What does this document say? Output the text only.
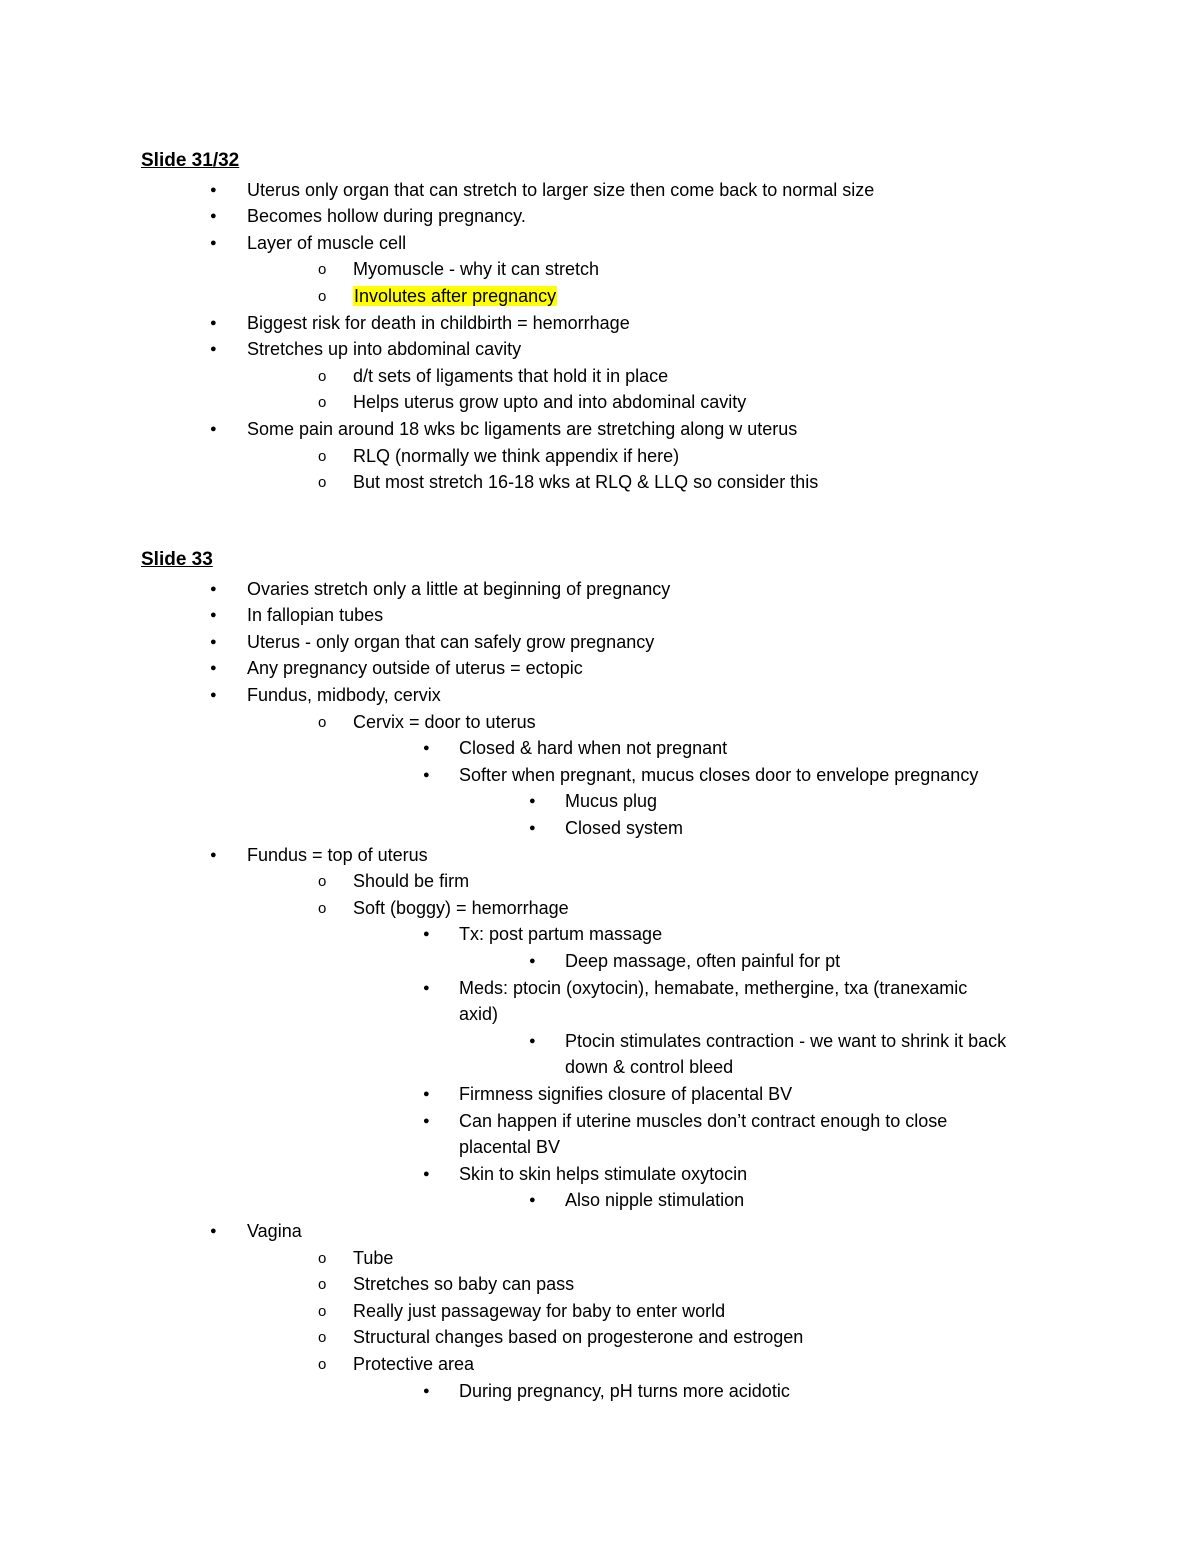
Slide 31/32
● Uterus only organ that can stretch to larger size then come back to normal size
● Becomes hollow during pregnancy.
● Layer of muscle cell
o Myomuscle - why it can stretch
o Involutes after pregnancy
● Biggest risk for death in childbirth = hemorrhage
● Stretches up into abdominal cavity
o d/t sets of ligaments that hold it in place
o Helps uterus grow upto and into abdominal cavity
● Some pain around 18 wks bc ligaments are stretching along w uterus
o RLQ (normally we think appendix if here)
o But most stretch 16-18 wks at RLQ & LLQ so consider this
Slide 33
● Ovaries stretch only a little at beginning of pregnancy
● In fallopian tubes
● Uterus - only organ that can safely grow pregnancy
● Any pregnancy outside of uterus = ectopic
● Fundus, midbody, cervix
o Cervix = door to uterus
● Closed & hard when not pregnant
● Softer when pregnant, mucus closes door to envelope pregnancy
● Mucus plug
● Closed system
● Fundus = top of uterus
o Should be firm
o Soft (boggy) = hemorrhage
● Tx: post partum massage
● Deep massage, often painful for pt
● Meds: ptocin (oxytocin), hemabate, methergine, txa (tranexamic
axid)
● Ptocin stimulates contraction - we want to shrink it back
down & control bleed
● Firmness signifies closure of placental BV
● Can happen if uterine muscles don’t contract enough to close
placental BV
● Skin to skin helps stimulate oxytocin
● Also nipple stimulation
● Vagina
o Tube
o Stretches so baby can pass
o Really just passageway for baby to enter world
o Structural changes based on progesterone and estrogen
o Protective area
● During pregnancy, pH turns more acidotic
